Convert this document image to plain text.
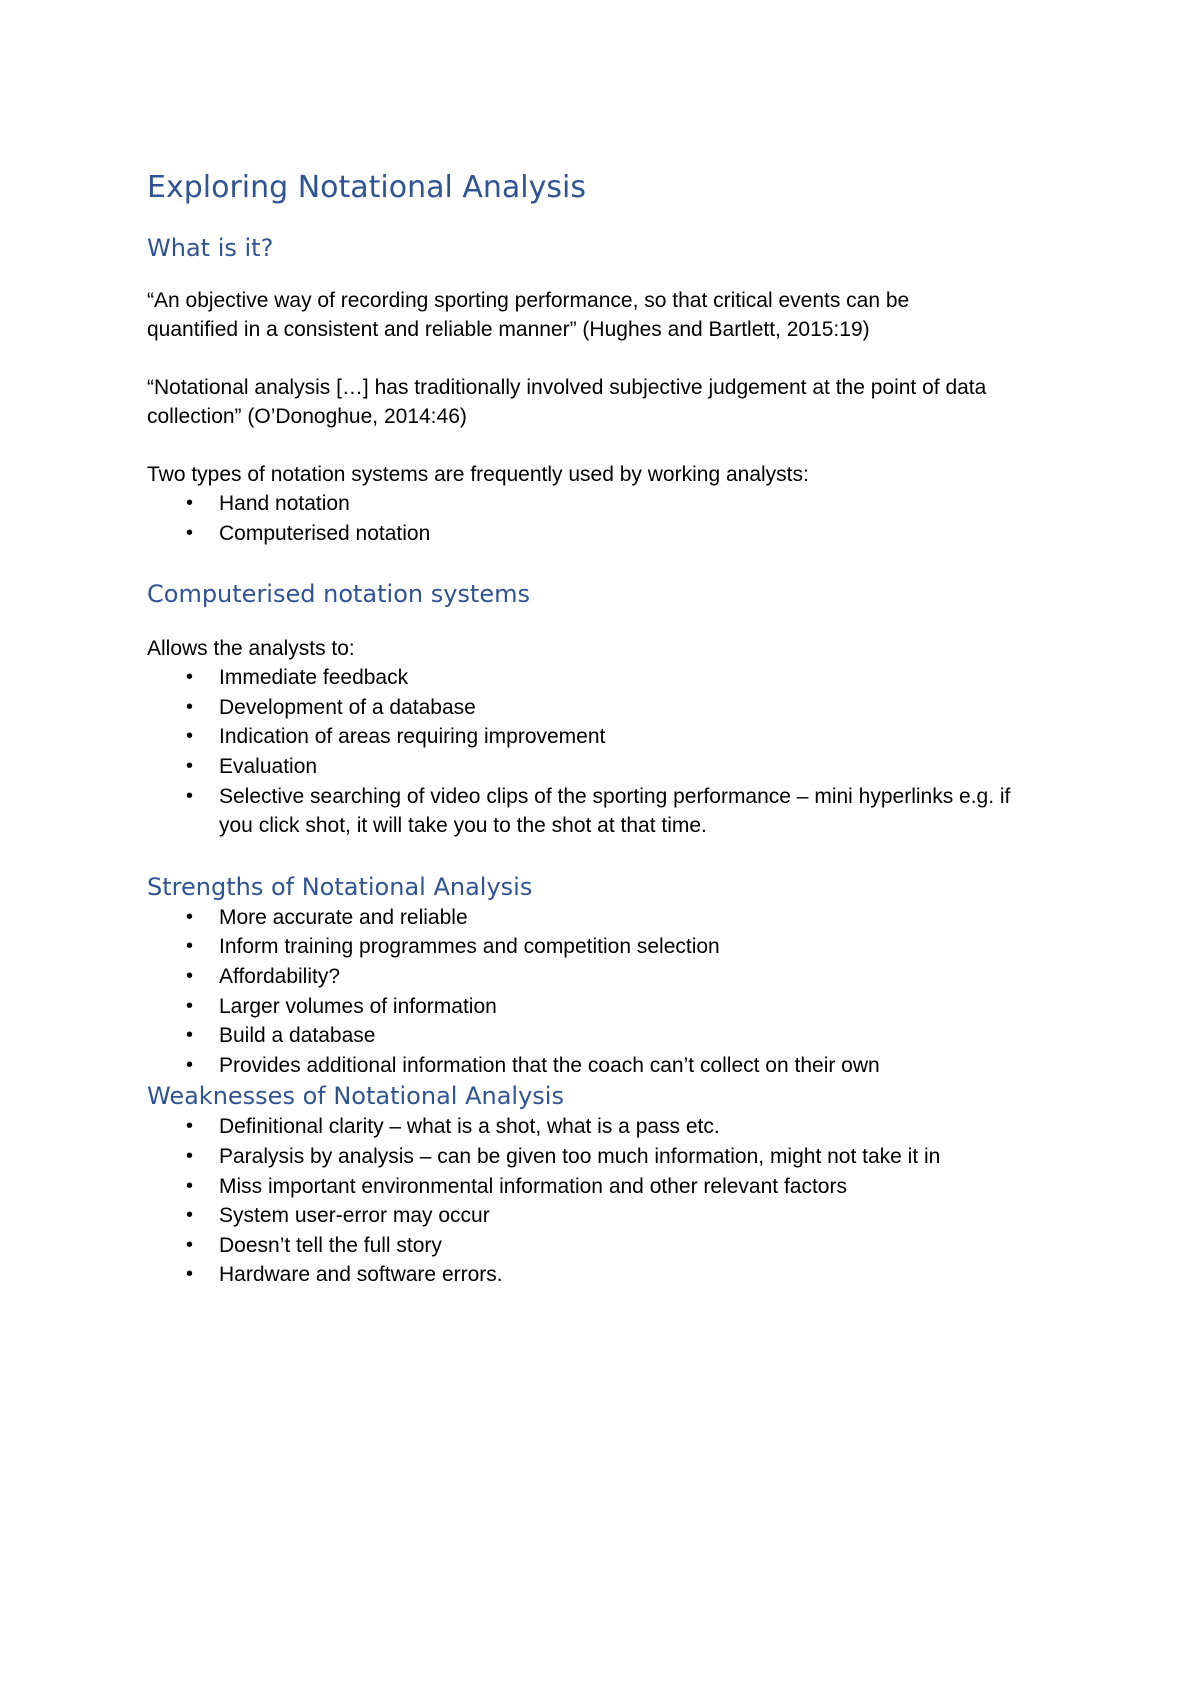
Exploring Notational Analysis
What is it?

“An objective way of recording sporting performance, so that critical events can be

quantified in a consistent and reliable manner” (Hughes and Bartlett, 2015:19)

“Notational analysis […] has traditionally involved subjective judgement at the point of data

collection” (O’Donoghue, 2014:46)

Two types of notation systems are frequently used by working analysts:

• Hand notation
• Computerised notation
Computerised notation systems

Allows the analysts to:

• Immediate feedback
• Development of a database
• Indication of areas requiring improvement
• Evaluation
• Selective searching of video clips of the sporting performance – mini hyperlinks e.g. if
you click shot, it will take you to the shot at that time.
Strengths of Notational Analysis
• More accurate and reliable
• Inform training programmes and competition selection
• Affordability?
• Larger volumes of information
• Build a database
• Provides additional information that the coach can’t collect on their own
Weaknesses of Notational Analysis
• Definitional clarity – what is a shot, what is a pass etc.
• Paralysis by analysis – can be given too much information, might not take it in
• Miss important environmental information and other relevant factors
• System user-error may occur
• Doesn’t tell the full story
• Hardware and software errors.
